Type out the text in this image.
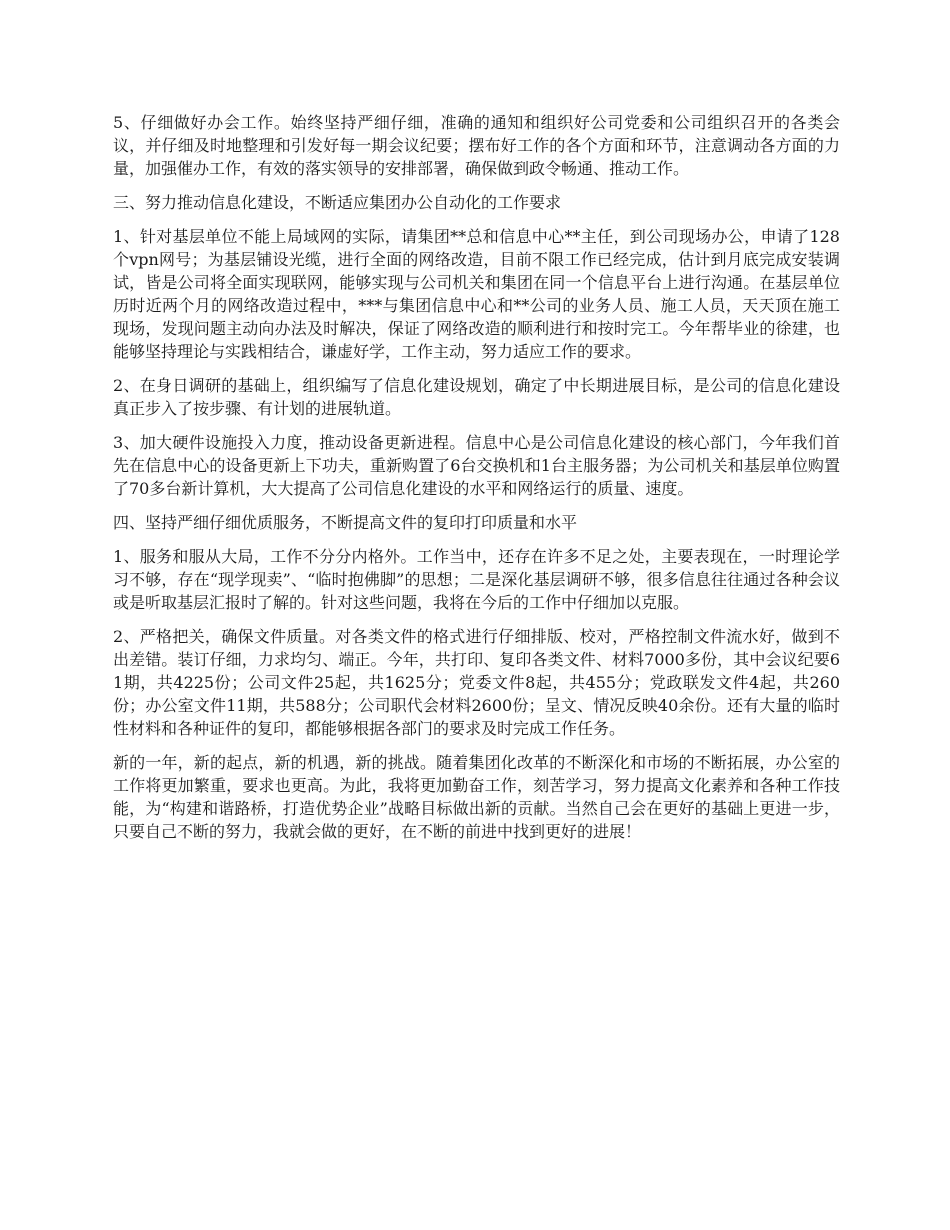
5、仔细做好办会工作。始终坚持严细仔细，准确的通知和组织好公司党委和公司组织召开的各类会议，并仔细及时地整理和引发好每一期会议纪要；摆布好工作的各个方面和环节，注意调动各方面的力量，加强催办工作，有效的落实领导的安排部署，确保做到政令畅通、推动工作。

三、努力推动信息化建设，不断适应集团办公自动化的工作要求

1、针对基层单位不能上局域网的实际，请集团**总和信息中心**主任，到公司现场办公，申请了128个vpn网号；为基层铺设光缆，进行全面的网络改造，目前不限工作已经完成，估计到月底完成安装调试，皆是公司将全面实现联网，能够实现与公司机关和集团在同一个信息平台上进行沟通。在基层单位历时近两个月的网络改造过程中，***与集团信息中心和**公司的业务人员、施工人员，天天顶在施工现场，发现问题主动向办法及时解决，保证了网络改造的顺利进行和按时完工。今年帮毕业的徐建，也能够坚持理论与实践相结合，谦虚好学，工作主动，努力适应工作的要求。

2、在身日调研的基础上，组织编写了信息化建设规划，确定了中长期进展目标，是公司的信息化建设真正步入了按步骤、有计划的进展轨道。

3、加大硬件设施投入力度，推动设备更新进程。信息中心是公司信息化建设的核心部门，今年我们首先在信息中心的设备更新上下功夫，重新购置了6台交换机和1台主服务器；为公司机关和基层单位购置了70多台新计算机，大大提高了公司信息化建设的水平和网络运行的质量、速度。

四、坚持严细仔细优质服务，不断提高文件的复印打印质量和水平

1、服务和服从大局，工作不分分内格外。工作当中，还存在许多不足之处，主要表现在，一时理论学习不够，存在“现学现卖”、“临时抱佛脚”的思想；二是深化基层调研不够，很多信息往往通过各种会议或是听取基层汇报时了解的。针对这些问题，我将在今后的工作中仔细加以克服。

2、严格把关，确保文件质量。对各类文件的格式进行仔细排版、校对，严格控制文件流水好，做到不出差错。装订仔细，力求均匀、端正。今年，共打印、复印各类文件、材料7000多份，其中会议纪要61期，共4225份；公司文件25起，共1625分；党委文件8起，共455分；党政联发文件4起，共260份；办公室文件11期，共588分；公司职代会材料2600份；呈文、情况反映40余份。还有大量的临时性材料和各种证件的复印，都能够根据各部门的要求及时完成工作任务。

新的一年，新的起点，新的机遇，新的挑战。随着集团化改革的不断深化和市场的不断拓展，办公室的工作将更加繁重，要求也更高。为此，我将更加勤奋工作，刻苦学习，努力提高文化素养和各种工作技能，为“构建和谐路桥，打造优势企业”战略目标做出新的贡献。当然自己会在更好的基础上更进一步，只要自己不断的努力，我就会做的更好，在不断的前进中找到更好的进展！
